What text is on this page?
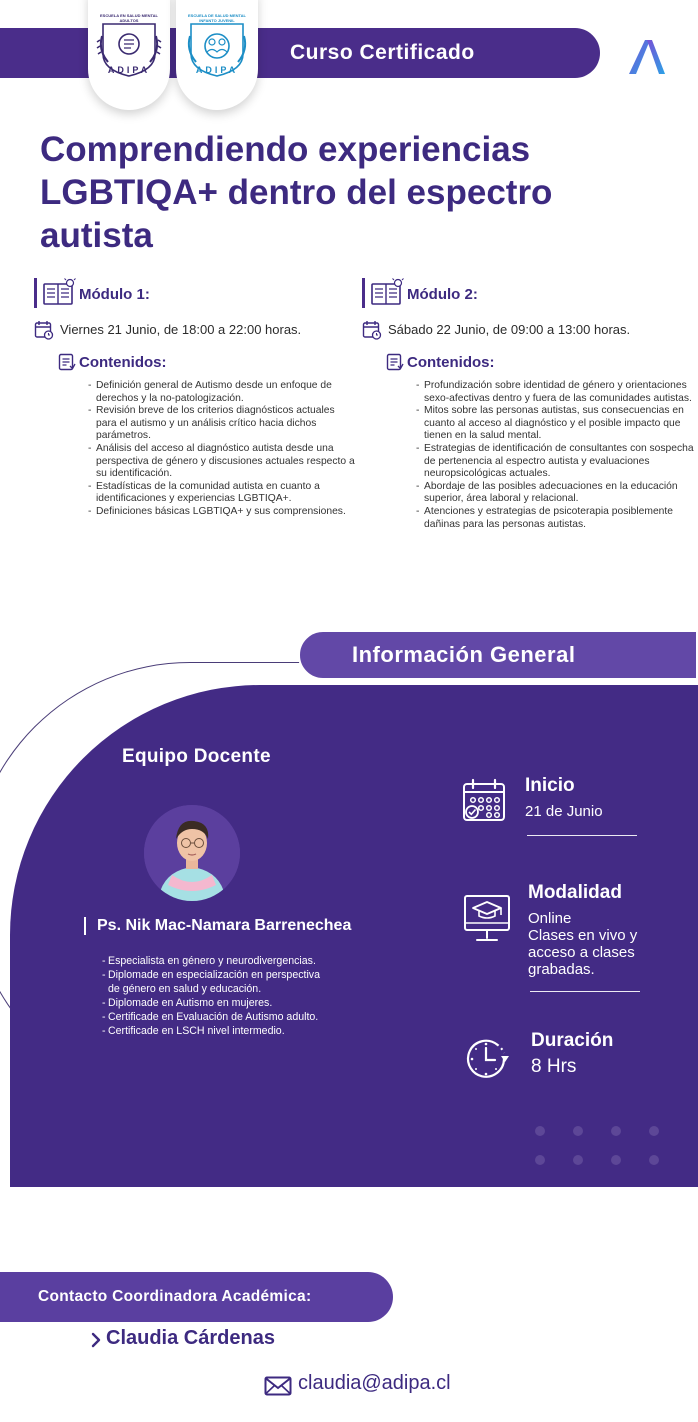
Curso Certificado
ESCUELA EN SALUD MENTAL ADULTOS
ADIPA
ESCUELA DE SALUD MENTAL INFANTO JUVENIL
ADIPA
Comprendiendo experiencias LGBTIQA+ dentro del espectro autista
Módulo 1:
Viernes 21 Junio, de 18:00 a 22:00 horas.
Contenidos:
- Definición general de Autismo desde un enfoque de derechos y la no-patologización.
- Revisión breve de los criterios diagnósticos actuales para el autismo y un análisis crítico hacia dichos parámetros.
- Análisis del acceso al diagnóstico autista desde una perspectiva de género y discusiones actuales respecto a su identificación.
- Estadísticas de la comunidad autista en cuanto a identificaciones y experiencias LGBTIQA+.
- Definiciones básicas LGBTIQA+ y sus comprensiones.
Módulo 2:
Sábado 22 Junio, de 09:00 a 13:00 horas.
Contenidos:
- Profundización sobre identidad de género y orientaciones sexo-afectivas dentro y fuera de las comunidades autistas.
- Mitos sobre las personas autistas, sus consecuencias en cuanto al acceso al diagnóstico y el posible impacto que tienen en la salud mental.
- Estrategias de identificación de consultantes con sospecha de pertenencia al espectro autista y evaluaciones neuropsicológicas actuales.
- Abordaje de las posibles adecuaciones en la educación superior, área laboral y relacional.
- Atenciones y estrategias de psicoterapia posiblemente dañinas para las personas autistas.
Información General
Equipo Docente
Ps. Nik Mac-Namara Barrenechea
- Especialista en género y neurodivergencias.
- Diplomade en especialización en perspectiva de género en salud y educación.
- Diplomade en Autismo en mujeres.
- Certificade en Evaluación de Autismo adulto.
- Certificade en LSCH nivel intermedio.
Inicio
21 de Junio
Modalidad
Online
Clases en vivo y
acceso a clases
grabadas.
Duración
8 Hrs
Contacto Coordinadora Académica:
Claudia Cárdenas
claudia@adipa.cl
